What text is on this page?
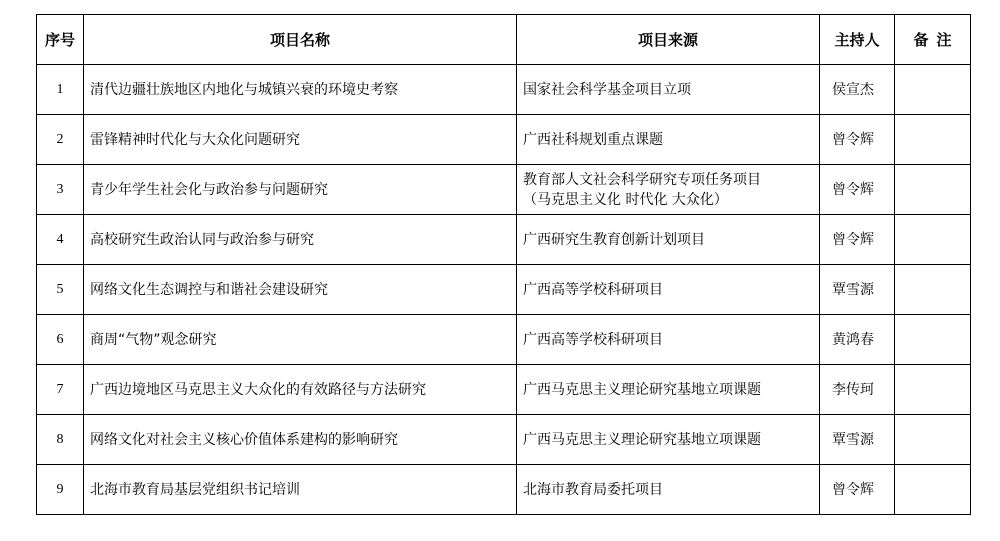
序号	项目名称	项目来源	主持人	备 注
1	清代边疆壮族地区内地化与城镇兴衰的环境史考察	国家社会科学基金项目立项	侯宣杰	
2	雷锋精神时代化与大众化问题研究	广西社科规划重点课题	曾令辉	
3	青少年学生社会化与政治参与问题研究	教育部人文社会科学研究专项任务项目
（马克思主义化 时代化 大众化）	曾令辉	
4	高校研究生政治认同与政治参与研究	广西研究生教育创新计划项目	曾令辉	
5	网络文化生态调控与和谐社会建设研究	广西高等学校科研项目	覃雪源	
6	商周“气物”观念研究	广西高等学校科研项目	黄鸿春	
7	广西边境地区马克思主义大众化的有效路径与方法研究	广西马克思主义理论研究基地立项课题	李传珂	
8	网络文化对社会主义核心价值体系建构的影响研究	广西马克思主义理论研究基地立项课题	覃雪源	
9	北海市教育局基层党组织书记培训	北海市教育局委托项目	曾令辉	
